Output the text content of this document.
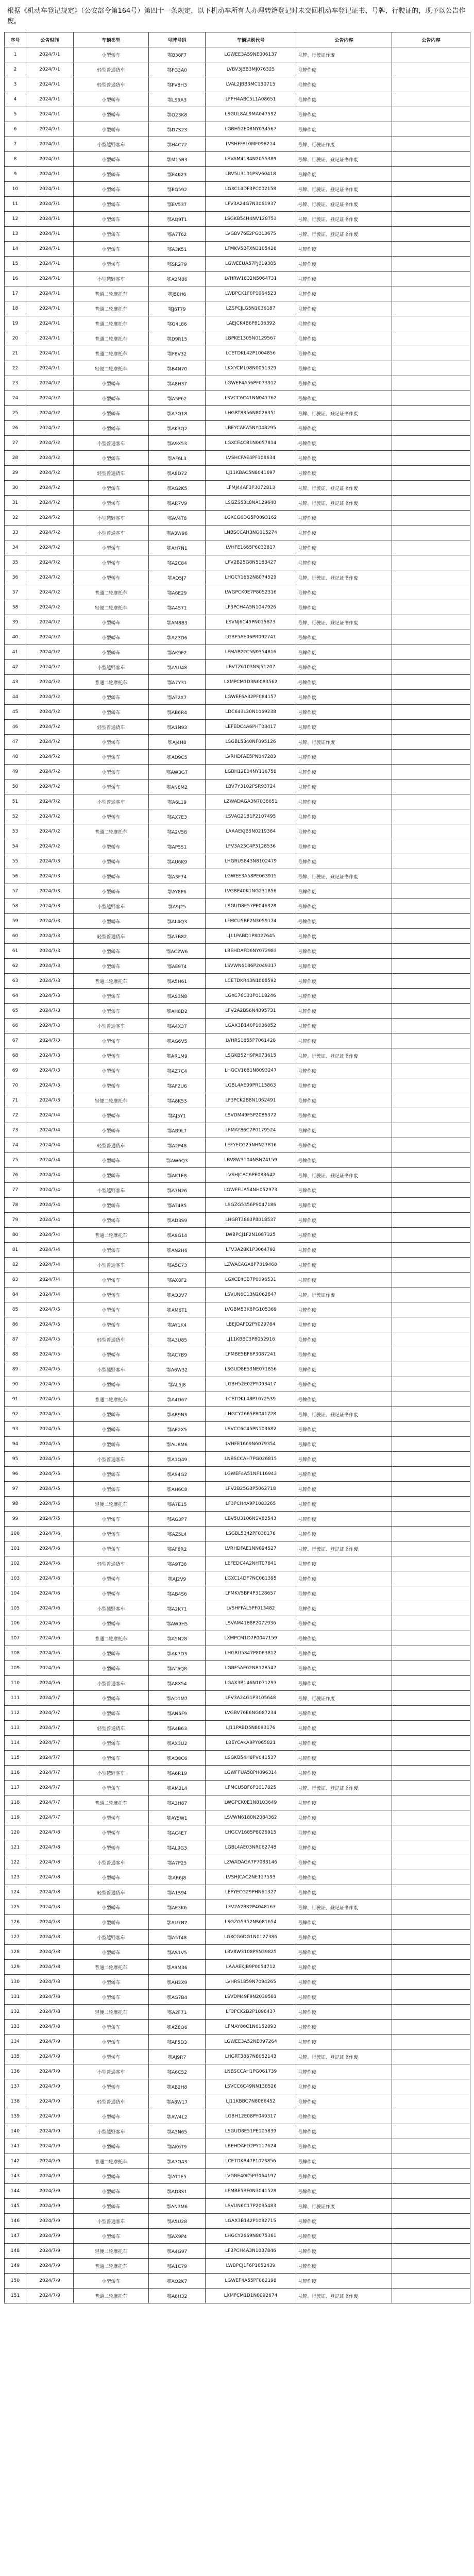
根据《机动车登记规定》（公安部令第164号）第四十一条规定，以下机动车所有人办理转籍登记时未交回机动车登记证书、号牌、行驶证的，现予以公告作废。
序号	公告时间	车辆类型	号牌号码	车辆识别代号	公告内容	公告内容
1	2024/7/1	小型轿车	鄂B38F7	LGWEE3A59NE006137	号牌、行驶证作废	
2	2024/7/1	轻型普通货车	鄂FG3A0	LVBV3JBB3MJ076325	号牌作废	
3	2024/7/1	轻型普通货车	鄂FV8H3	LVAL2JBB3MC130715	号牌作废	
4	2024/7/1	小型轿车	鄂LS9A3	LFPH4ABC5L1A08651	号牌作废	
5	2024/7/1	小型轿车	鄂Q23K8	LSGUL8AL9MA047592	号牌作废	
6	2024/7/1	小型轿车	鄂D7S23	LGBH52E08NY034567	号牌作废	
7	2024/7/1	小型越野客车	鄂H4C72	LVSHFFAL0MF098214	号牌、行驶证作废	
8	2024/7/1	小型轿车	鄂M15B3	LSVAM4184N2055389	号牌、行驶证、登记证书作废	
9	2024/7/1	小型轿车	鄂E4K23	LBV5U3101PSV60418	号牌作废	
10	2024/7/1	小型轿车	鄂EG592	LGXC14DF3PC002158	号牌、行驶证、登记证书作废	
11	2024/7/1	小型轿车	鄂EV537	LFV3A24G7N3061937	号牌、行驶证、登记证书作废	
12	2024/7/1	小型轿车	鄂AQ9T1	LSGKB54H4NV128753	号牌、行驶证、登记证书作废	
13	2024/7/1	小型轿车	鄂A7T62	LVGBV76E2PG013675	号牌、行驶证、登记证书作废	
14	2024/7/1	小型轿车	鄂A3K51	LFMKV5BFXN3105426	号牌作废	
15	2024/7/1	小型轿车	鄂SR279	LGWEEUA57PJ019385	号牌作废	
16	2024/7/1	小型越野客车	鄂A2M86	LVHRW1832N5064731	号牌作废	
17	2024/7/1	普通二轮摩托车	鄂J58H6	LWBPCK1F0P1064523	号牌作废	
18	2024/7/1	普通二轮摩托车	鄂J6T79	LZSPCJLG5N1036187	号牌作废	
19	2024/7/1	普通二轮摩托车	鄂G4L86	LAEJCK4B6P8106392	号牌作废	
20	2024/7/1	普通二轮摩托车	鄂D9R15	LBPKE1305N0129567	号牌作废	
21	2024/7/1	普通二轮摩托车	鄂F8V32	LCETDKL42P1004856	号牌作废	
22	2024/7/1	轻便二轮摩托车	鄂B4N70	LKXYCML08N0051329	号牌作废	
23	2024/7/2	小型轿车	鄂A8H37	LGWEF4A56PF073912	号牌作废	
24	2024/7/2	小型轿车	鄂A5P62	LSVCC6C41NN041762	号牌作废	
25	2024/7/2	小型轿车	鄂A7Q18	LHGRT8856N8026351	号牌、行驶证、登记证书作废	
26	2024/7/2	小型轿车	鄂AK3Q2	LBEYCAKA5NY048295	号牌作废	
27	2024/7/2	小型普通客车	鄂A9X53	LGXCE4CB1N0057814	号牌作废	
28	2024/7/2	小型轿车	鄂AF6L3	LVSHCFAE4PF108634	号牌作废	
29	2024/7/2	轻型普通货车	鄂A8D72	LJ11KBAC5N8041697	号牌作废	
30	2024/7/2	小型轿车	鄂AG2K5	LFMJ44AF3P3072813	号牌、行驶证、登记证书作废	
31	2024/7/2	小型轿车	鄂AR7V9	LSGZS53L8NA129640	号牌、行驶证、登记证书作废	
32	2024/7/2	小型越野客车	鄂AV4T8	LGXCG6DG5P0093162	号牌作废	
33	2024/7/2	小型普通客车	鄂A3W96	LNBSCCAH3NG015274	号牌作废	
34	2024/7/2	小型轿车	鄂AH7N1	LVHFE1665P6032817	号牌作废	
35	2024/7/2	小型轿车	鄂A2C84	LFV2B25G8N5183427	号牌作废	
36	2024/7/2	小型轿车	鄂AQ5J7	LHGCY1662N8074529	号牌、行驶证、登记证书作废	
37	2024/7/2	普通二轮摩托车	鄂A6E29	LWGPCK0E7P8052316	号牌作废	
38	2024/7/2	轻便二轮摩托车	鄂A4S71	LF3PCH4A5N1047926	号牌作废	
39	2024/7/2	小型轿车	鄂AM8B3	LSVNJ6C49PN015873	号牌、行驶证、登记证书作废	
40	2024/7/2	小型轿车	鄂AZ3D6	LGBF5AE06PR092741	号牌作废	
41	2024/7/2	小型轿车	鄂AK9F2	LFMAP22C5N0354816	号牌作废	
42	2024/7/2	小型越野客车	鄂A5U48	LBVTZ6103NSJ51207	号牌作废	
43	2024/7/2	普通二轮摩托车	鄂A7Y31	LXMPCM1D3N0083562	号牌作废	
44	2024/7/2	小型轿车	鄂AT2X7	LGWEF6A32PF084157	号牌作废	
45	2024/7/2	小型轿车	鄂AB6R4	LDC643L20N1069238	号牌作废	
46	2024/7/2	轻型普通货车	鄂A1N93	LEFEDC4A6PHT03417	号牌作废	
47	2024/7/2	小型轿车	鄂AJ4H8	LSGBL5340NF095126	号牌、行驶证作废	
48	2024/7/2	小型轿车	鄂AD9C5	LVRHDFAE5PN047283	号牌作废	
49	2024/7/2	小型轿车	鄂AW3G7	LGBH12E04NY116758	号牌作废	
50	2024/7/2	小型轿车	鄂AN8M2	LBV7Y3102PSR93724	号牌作废	
51	2024/7/2	小型普通客车	鄂A6L19	LZWADAGA3N7038651	号牌作废	
52	2024/7/2	小型轿车	鄂AX7E3	LSVAG2181P2107495	号牌作废	
53	2024/7/2	普通二轮摩托车	鄂A2V58	LAAAEKJB5N0219384	号牌作废	
54	2024/7/2	小型轿车	鄂AP5S1	LFV3A23C4P3128536	号牌作废	
55	2024/7/3	小型轿车	鄂AU6K9	LHGRU5843N8102479	号牌作废	
56	2024/7/3	小型轿车	鄂A3F74	LGWEE3A58PE063915	号牌、行驶证、登记证书作废	
57	2024/7/3	小型轿车	鄂AY8P6	LVGBE40K1NG231856	号牌作废	
58	2024/7/3	小型越野客车	鄂A9J25	LSGUD8E57PE046328	号牌作废	
59	2024/7/3	小型轿车	鄂AL4Q3	LFMCU5BF2N3059174	号牌作废	
60	2024/7/3	轻型普通货车	鄂A7B82	LJ11PABD1P8027645	号牌作废	
61	2024/7/3	小型轿车	鄂AC2W6	LBEHDAFD6NY072983	号牌作废	
62	2024/7/3	小型轿车	鄂AE9T4	LSVWN6186P2049317	号牌作废	
63	2024/7/3	普通二轮摩托车	鄂A5H61	LCETDKR43N1068592	号牌作废	
64	2024/7/3	小型轿车	鄂AS3N8	LGXC76C33P0118246	号牌作废	
65	2024/7/3	小型轿车	鄂AH8D2	LFV2A2BS6N4095731	号牌作废	
66	2024/7/3	小型普通客车	鄂A4X37	LGAX3B140P1036852	号牌作废	
67	2024/7/3	小型轿车	鄂AG6V5	LVHRS1855P7061428	号牌作废	
68	2024/7/3	小型轿车	鄂AR1M9	LSGKB52H9PA073615	号牌、行驶证、登记证书作废	
69	2024/7/3	小型轿车	鄂AZ7C4	LHGCV1681N8093247	号牌作废	
70	2024/7/3	小型轿车	鄂AF2U6	LGBL4AE09PR115863	号牌作废	
71	2024/7/3	轻便二轮摩托车	鄂A8K53	LF3PCK2B8N1062491	号牌作废	
72	2024/7/4	小型轿车	鄂AJ5Y1	LSVDM49F5P2086372	号牌作废	
73	2024/7/4	小型轿车	鄂AB9L7	LFMAY86C7P0179524	号牌作废	
74	2024/7/4	轻型普通货车	鄂A2P48	LEFYECG25NHN27816	号牌作废	
75	2024/7/4	小型轿车	鄂AW6Q3	LBV8W3104NSN74159	号牌作废	
76	2024/7/4	小型轿车	鄂AK1E8	LVSHJCAC6PE083642	号牌、行驶证、登记证书作废	
77	2024/7/4	小型越野客车	鄂A7N26	LGWFFUA54NH052973	号牌作废	
78	2024/7/4	小型轿车	鄂AT4R5	LSGZG5356PS047186	号牌作废	
79	2024/7/4	小型轿车	鄂AD3S9	LHGRT3863P8018537	号牌作废	
80	2024/7/4	普通二轮摩托车	鄂A9G14	LWBPCJ1F2N1087325	号牌作废	
81	2024/7/4	小型轿车	鄂AN2H6	LFV3A28K1P3064792	号牌作废	
82	2024/7/4	小型普通客车	鄂A5C73	LZWACAGA8P7019468	号牌作废	
83	2024/7/4	小型轿车	鄂AX8F2	LGXCE4CB7P0096531	号牌作废	
84	2024/7/4	小型轿车	鄂AQ3V7	LSVUN6C13N2062847	号牌、行驶证作废	
85	2024/7/5	小型轿车	鄂AM6T1	LVGBM53K8PG105369	号牌作废	
86	2024/7/5	小型轿车	鄂AY1K4	LBEJDAFD2PY029784	号牌作废	
87	2024/7/5	轻型普通货车	鄂A3U85	LJ11KBBC3P8052916	号牌作废	
88	2024/7/5	小型轿车	鄂AC7B9	LFMBE5BF6P3087241	号牌作废	
89	2024/7/5	小型越野客车	鄂A6W32	LSGUD8E53NE071856	号牌作废	
90	2024/7/5	小型轿车	鄂AL5J8	LGBH52E02PY093417	号牌作废	
91	2024/7/5	普通二轮摩托车	鄂A4D67	LCETDKL48P1072539	号牌作废	
92	2024/7/5	小型轿车	鄂AR9N3	LHGCY2665P8041728	号牌、行驶证、登记证书作废	
93	2024/7/5	小型轿车	鄂AE2X5	LSVCC6C45PN103682	号牌作废	
94	2024/7/5	小型轿车	鄂AU8M6	LVHFE1669N6079354	号牌作废	
95	2024/7/5	小型普通客车	鄂A1Q49	LNBSCCAH7PG026815	号牌作废	
96	2024/7/5	小型轿车	鄂AS4G2	LGWEF4A51NF116943	号牌作废	
97	2024/7/5	小型轿车	鄂AH6C8	LFV2B25G3P5062718	号牌作废	
98	2024/7/5	轻便二轮摩托车	鄂A7E15	LF3PCH4A9P1083265	号牌作废	
99	2024/7/5	小型轿车	鄂AG3P7	LBV5U3106NSV82543	号牌作废	
100	2024/7/6	小型轿车	鄂AZ5L4	LSGBL5342PF038176	号牌作废	
101	2024/7/6	小型轿车	鄂AF8R2	LVRHDFAE1NN094527	号牌、行驶证、登记证书作废	
102	2024/7/6	轻型普通货车	鄂A9T36	LEFEDC4A2NHT07841	号牌作废	
103	2024/7/6	小型轿车	鄂AJ2V9	LGXC14DF7NC061395	号牌作废	
104	2024/7/6	小型轿车	鄂AB4S6	LFMKV5BF4P3128657	号牌作废	
105	2024/7/6	小型越野客车	鄂A2K71	LVSHFFAL5PF013482	号牌作废	
106	2024/7/6	小型轿车	鄂AW9H5	LSVAM4188P2072936	号牌作废	
107	2024/7/6	普通二轮摩托车	鄂A5N28	LXMPCM1D7P0047159	号牌作废	
108	2024/7/6	小型轿车	鄂AK7D3	LHGRU5847P8063812	号牌作废	
109	2024/7/6	小型轿车	鄂AT6Q8	LGBF5AE02NR128547	号牌作废	
110	2024/7/6	小型普通客车	鄂A8X54	LGAX3B146N1071293	号牌作废	
111	2024/7/7	小型轿车	鄂AD1M7	LFV3A24G1P3105648	号牌、行驶证作废	
112	2024/7/7	小型轿车	鄂AN5F9	LVGBV76E6NG087234	号牌作废	
113	2024/7/7	轻型普通货车	鄂A4B63	LJ11PABD5N8093176	号牌作废	
114	2024/7/7	小型轿车	鄂AX3U2	LBEYCAKA9PY065821	号牌作废	
115	2024/7/7	小型轿车	鄂AQ8C6	LSGKB54H8PV041537	号牌作废	
116	2024/7/7	小型越野客车	鄂A6R19	LGWFFUA58PH096314	号牌作废	
117	2024/7/7	小型轿车	鄂AM2L4	LFMCU5BF6P3017825	号牌、行驶证、登记证书作废	
118	2024/7/7	普通二轮摩托车	鄂A3H87	LWGPCK0E1N8103649	号牌作废	
119	2024/7/7	小型轿车	鄂AY5W1	LSVWN6180N2084362	号牌作废	
120	2024/7/8	小型轿车	鄂AC4E7	LHGCV1685P8026915	号牌作废	
121	2024/7/8	小型轿车	鄂AL9G3	LGBL4AE03NR062748	号牌作废	
122	2024/7/8	小型普通客车	鄂A7P25	LZWADAGA7P7083146	号牌作废	
123	2024/7/8	小型轿车	鄂AR6J8	LVSHJCAC2NE117593	号牌作废	
124	2024/7/8	轻型普通货车	鄂A1S94	LEFYECG29PHN61327	号牌作废	
125	2024/7/8	小型轿车	鄂AE3K6	LFV2A2BS2P4048163	号牌、行驶证、登记证书作废	
126	2024/7/8	小型轿车	鄂AU7N2	LSGZG5352NS081654	号牌作废	
127	2024/7/8	小型越野客车	鄂A5T48	LGXCG6DG1N0127386	号牌作废	
128	2024/7/8	小型轿车	鄂AS1V5	LBV8W3108PSN39825	号牌作废	
129	2024/7/8	普通二轮摩托车	鄂A9M36	LAAAEKJB9P0054712	号牌作废	
130	2024/7/8	小型轿车	鄂AH2X9	LVHRS1859N7094265	号牌作废	
131	2024/7/8	小型轿车	鄂AG7B4	LSVDM49F9N2039581	号牌作废	
132	2024/7/8	轻便二轮摩托车	鄂A2F71	LF3PCK2B2P1096437	号牌作废	
133	2024/7/8	小型轿车	鄂AZ8Q6	LFMAY86C1N0152893	号牌作废	
134	2024/7/9	小型轿车	鄂AF5D3	LGWEE3A52NE097264	号牌作废	
135	2024/7/9	小型轿车	鄂AJ9R7	LHGRT3867N8052143	号牌、行驶证、登记证书作废	
136	2024/7/9	小型普通客车	鄂A6C52	LNBSCCAH1PG061739	号牌作废	
137	2024/7/9	小型轿车	鄂AB2H8	LSVCC6C49NN138526	号牌作废	
138	2024/7/9	轻型普通货车	鄂A8W17	LJ11KBBC7N8086452	号牌作废	
139	2024/7/9	小型轿车	鄂AW4L2	LGBH12E08PY049317	号牌作废	
140	2024/7/9	小型越野客车	鄂A3N65	LSGUD8E51PE105839	号牌作废	
141	2024/7/9	小型轿车	鄂AK6T9	LBEHDAFD2PY117624	号牌作废	
142	2024/7/9	普通二轮摩托车	鄂A7Q43	LCETDKR47P1023856	号牌作废	
143	2024/7/9	小型轿车	鄂AT1E5	LVGBE40K5PG064197	号牌作废	
144	2024/7/9	小型轿车	鄂AD8S1	LFMBE5BF0N3041528	号牌作废	
145	2024/7/9	小型轿车	鄂AN3M6	LSVUN6C17P2095483	号牌、行驶证作废	
146	2024/7/9	小型普通客车	鄂A5U28	LGAX3B142P1082715	号牌作废	
147	2024/7/9	小型轿车	鄂AX9P4	LHGCY2669N8075361	号牌作废	
148	2024/7/9	轻便二轮摩托车	鄂A4G97	LF3PCH4A3N1037846	号牌作废	
149	2024/7/9	普通二轮摩托车	鄂A1C79	LWBPCJ1F6P1052439	号牌作废	
150	2024/7/9	小型轿车	鄂AQ2K7	LGWEF4A55PF062198	号牌作废	
151	2024/7/9	普通二轮摩托车	鄂A6H32	LXMPCM1D1N0092674	号牌、行驶证、登记证书作废	
